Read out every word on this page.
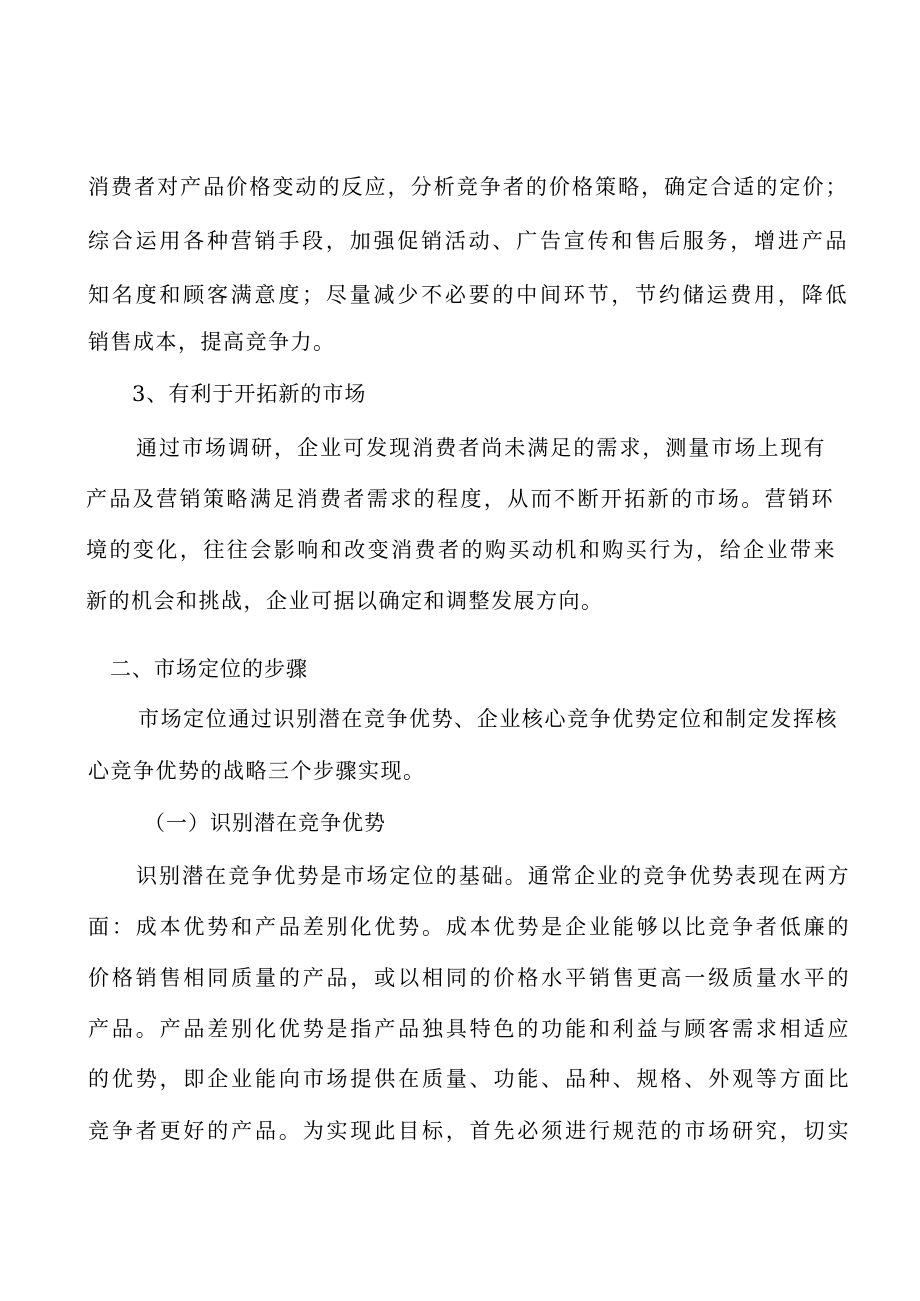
消费者对产品价格变动的反应，分析竞争者的价格策略，确定合适的定价；
综合运用各种营销手段，加强促销活动、广告宣传和售后服务，增进产品
知名度和顾客满意度；尽量减少不必要的中间环节，节约储运费用，降低
销售成本，提高竞争力。
3、有利于开拓新的市场
通过市场调研，企业可发现消费者尚未满足的需求，测量市场上现有
产品及营销策略满足消费者需求的程度，从而不断开拓新的市场。营销环
境的变化，往往会影响和改变消费者的购买动机和购买行为，给企业带来
新的机会和挑战，企业可据以确定和调整发展方向。
二、市场定位的步骤
市场定位通过识别潜在竞争优势、企业核心竞争优势定位和制定发挥核
心竞争优势的战略三个步骤实现。
（一）识别潜在竞争优势
识别潜在竞争优势是市场定位的基础。通常企业的竞争优势表现在两方
面：成本优势和产品差别化优势。成本优势是企业能够以比竞争者低廉的
价格销售相同质量的产品，或以相同的价格水平销售更高一级质量水平的
产品。产品差别化优势是指产品独具特色的功能和利益与顾客需求相适应
的优势，即企业能向市场提供在质量、功能、品种、规格、外观等方面比
竞争者更好的产品。为实现此目标，首先必须进行规范的市场研究，切实
